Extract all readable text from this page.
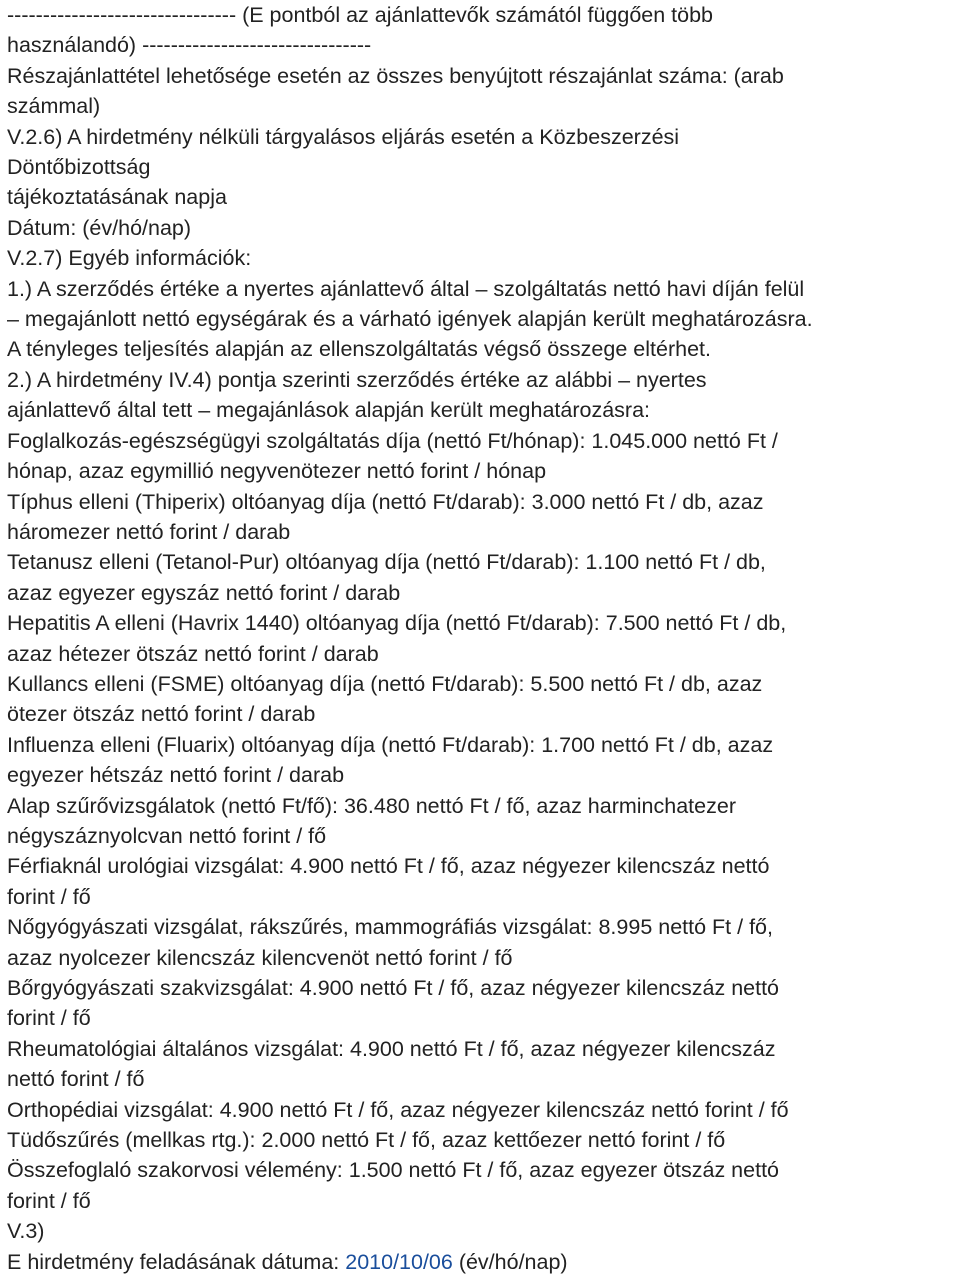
-------------------------------- (E pontból az ajánlattevők számától függően több
használandó) --------------------------------
Részajánlattétel lehetősége esetén az összes benyújtott részajánlat száma: (arab
számmal)
V.2.6) A hirdetmény nélküli tárgyalásos eljárás esetén a Közbeszerzési
Döntőbizottság
tájékoztatásának napja
Dátum: (év/hó/nap)
V.2.7) Egyéb információk:
1.) A szerződés értéke a nyertes ajánlattevő által – szolgáltatás nettó havi díján felül
– megajánlott nettó egységárak és a várható igények alapján került meghatározásra.
A tényleges teljesítés alapján az ellenszolgáltatás végső összege eltérhet.
2.) A hirdetmény IV.4) pontja szerinti szerződés értéke az alábbi – nyertes
ajánlattevő által tett – megajánlások alapján került meghatározásra:
Foglalkozás-egészségügyi szolgáltatás díja (nettó Ft/hónap): 1.045.000 nettó Ft /
hónap, azaz egymillió negyvenötezer nettó forint / hónap
Típhus elleni (Thiperix) oltóanyag díja (nettó Ft/darab): 3.000 nettó Ft / db, azaz
háromezer nettó forint / darab
Tetanusz elleni (Tetanol-Pur) oltóanyag díja (nettó Ft/darab): 1.100 nettó Ft / db,
azaz egyezer egyszáz nettó forint / darab
Hepatitis A elleni (Havrix 1440) oltóanyag díja (nettó Ft/darab): 7.500 nettó Ft / db,
azaz hétezer ötszáz nettó forint / darab
Kullancs elleni (FSME) oltóanyag díja (nettó Ft/darab): 5.500 nettó Ft / db, azaz
ötezer ötszáz nettó forint / darab
Influenza elleni (Fluarix) oltóanyag díja (nettó Ft/darab): 1.700 nettó Ft / db, azaz
egyezer hétszáz nettó forint / darab
Alap szűrővizsgálatok (nettó Ft/fő): 36.480 nettó Ft / fő, azaz harminchatezer
négyszáznyolcvan nettó forint / fő
Férfiaknál urológiai vizsgálat: 4.900 nettó Ft / fő, azaz négyezer kilencszáz nettó
forint / fő
Nőgyógyászati vizsgálat, rákszűrés, mammográfiás vizsgálat: 8.995 nettó Ft / fő,
azaz nyolcezer kilencszáz kilencvenöt nettó forint / fő
Bőrgyógyászati szakvizsgálat: 4.900 nettó Ft / fő, azaz négyezer kilencszáz nettó
forint / fő
Rheumatológiai általános vizsgálat: 4.900 nettó Ft / fő, azaz négyezer kilencszáz
nettó forint / fő
Orthopédiai vizsgálat: 4.900 nettó Ft / fő, azaz négyezer kilencszáz nettó forint / fő
Tüdőszűrés (mellkas rtg.): 2.000 nettó Ft / fő, azaz kettőezer nettó forint / fő
Összefoglaló szakorvosi vélemény: 1.500 nettó Ft / fő, azaz egyezer ötszáz nettó
forint / fő
V.3)
E hirdetmény feladásának dátuma: 2010/10/06 (év/hó/nap)
